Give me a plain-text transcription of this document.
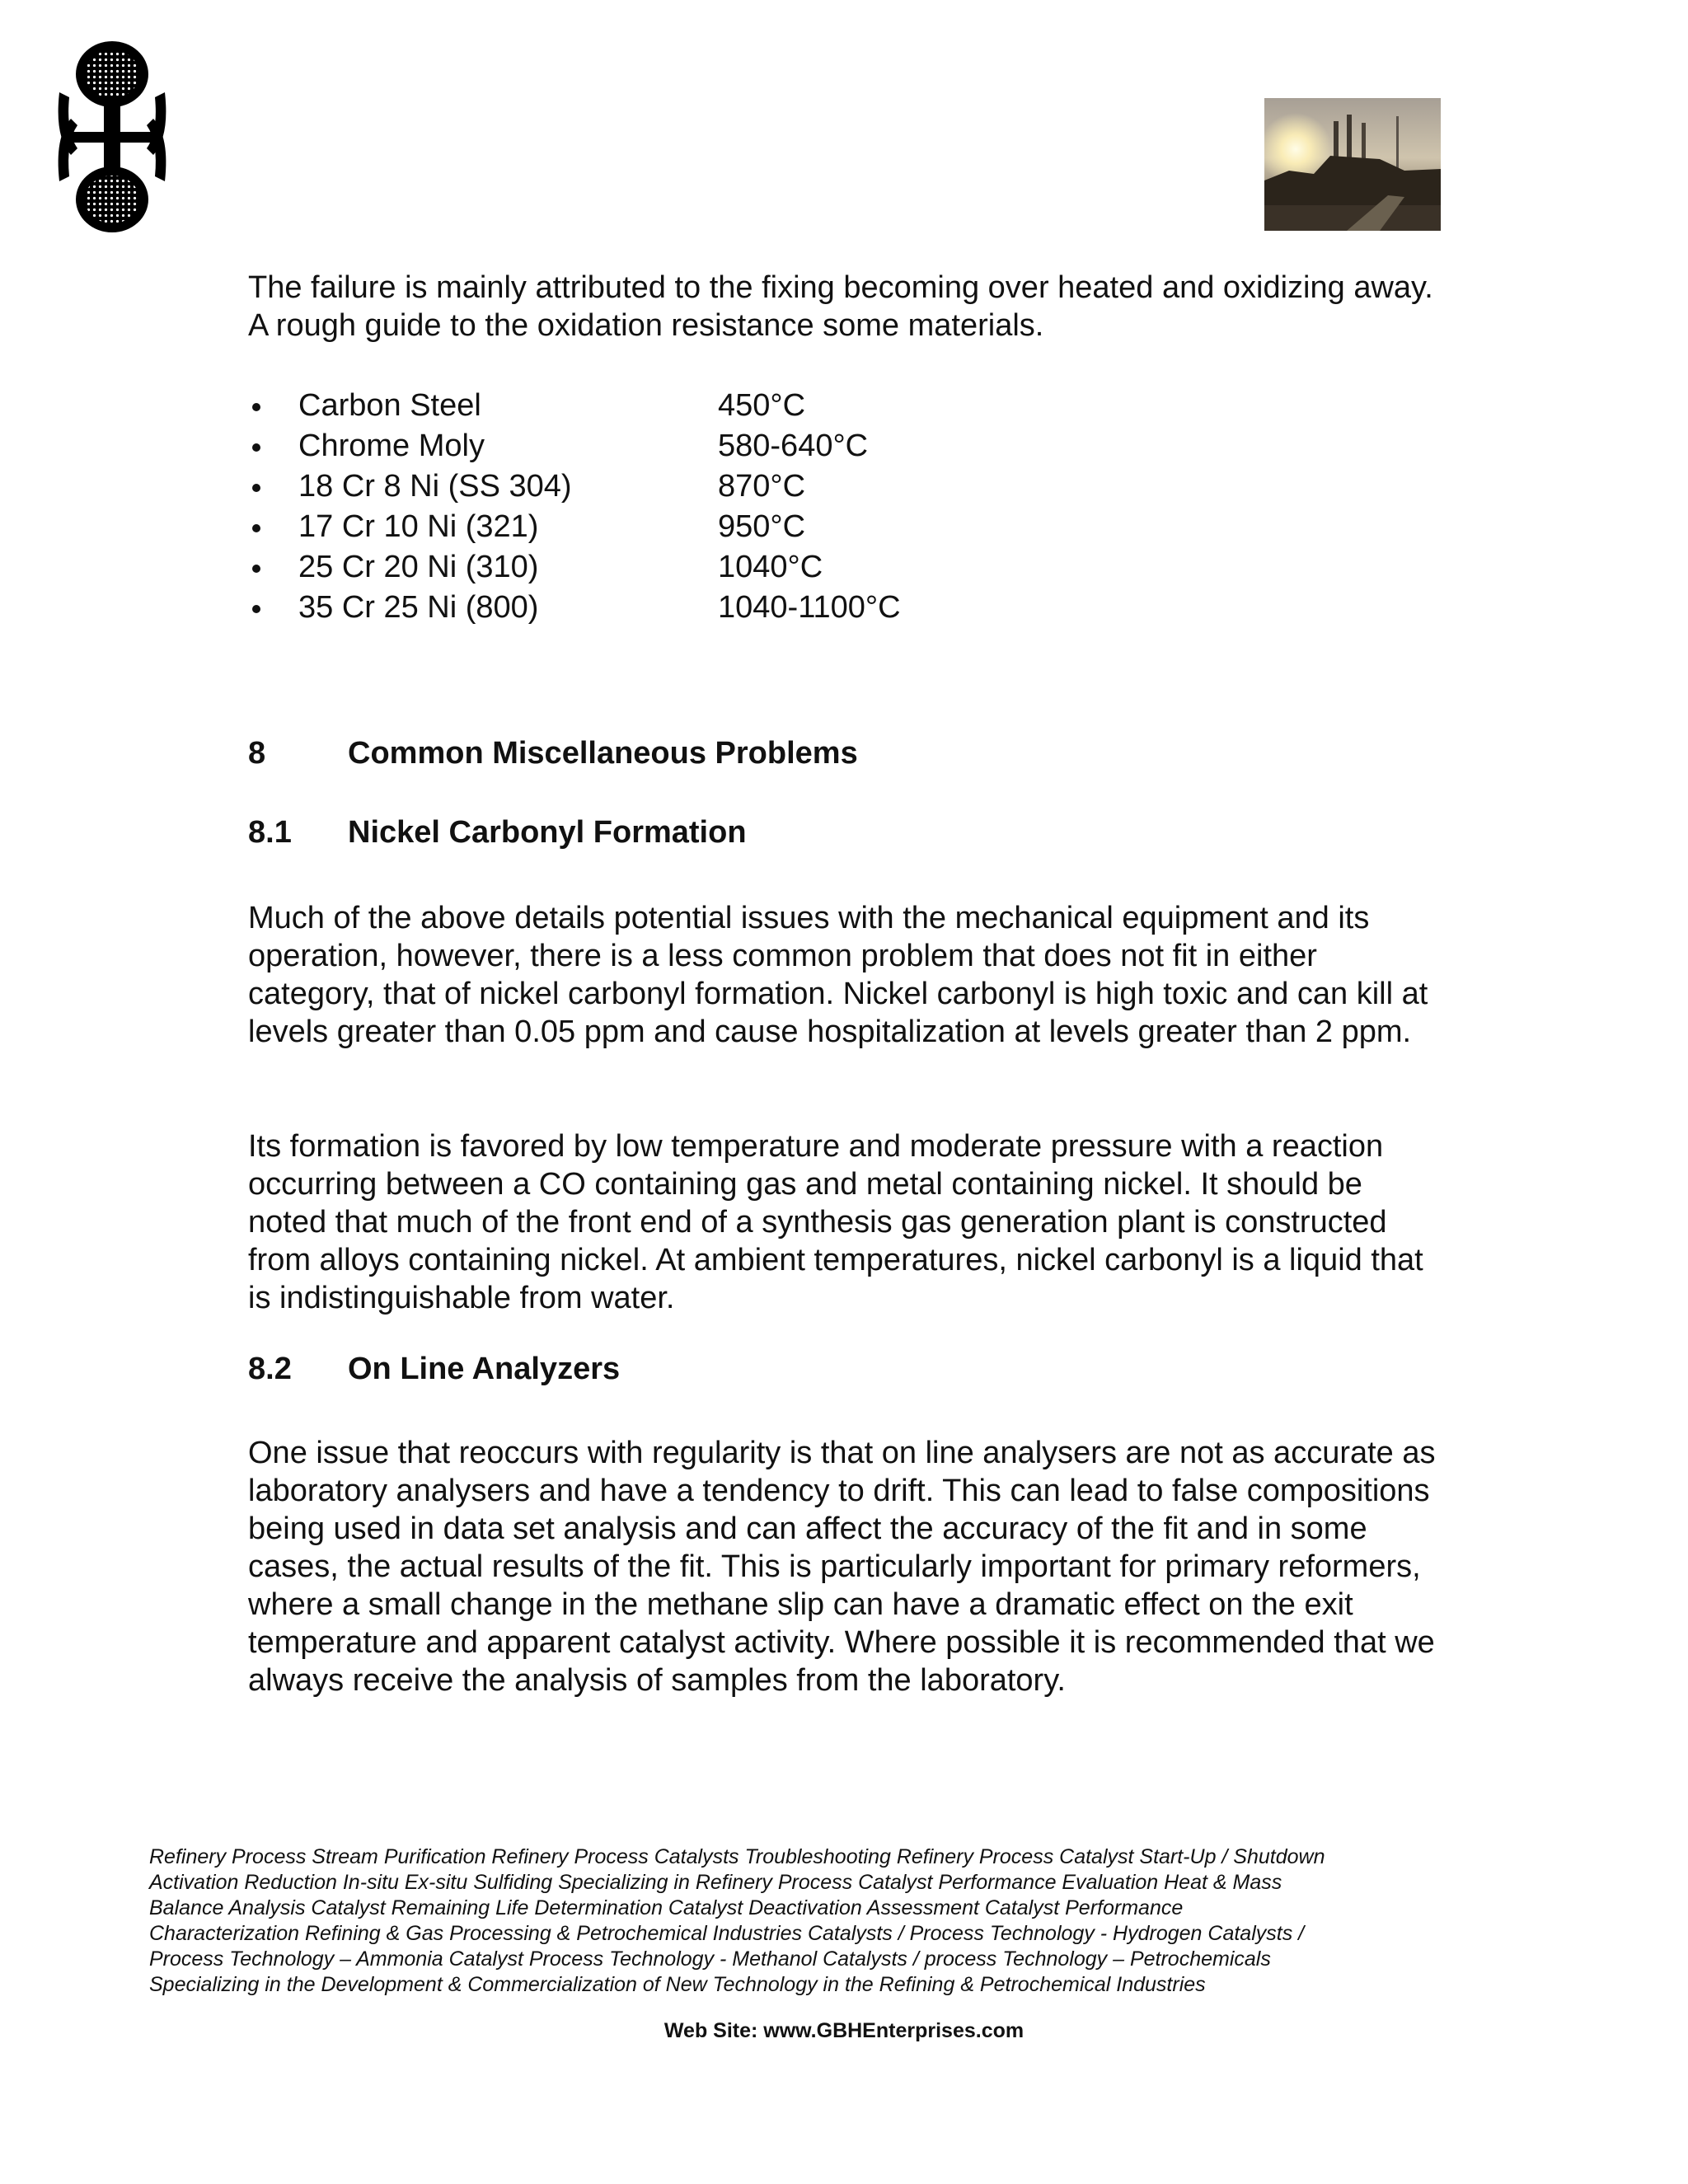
The failure is mainly attributed to the fixing becoming over heated and oxidizing away. A rough guide to the oxidation resistance some materials.

Carbon Steel	450°C
Chrome Moly	580-640°C
18 Cr 8 Ni (SS 304)	870°C
17 Cr 10 Ni (321)	950°C
25 Cr 20 Ni (310)	1040°C
35 Cr 25 Ni (800)	1040-1100°C
8	Common Miscellaneous Problems
8.1 Nickel Carbonyl Formation

Much of the above details potential issues with the mechanical equipment and its operation, however, there is a less common problem that does not fit in either category, that of nickel carbonyl formation. Nickel carbonyl is high toxic and can kill at levels greater than 0.05 ppm and cause hospitalization at levels greater than 2 ppm.

Its formation is favored by low temperature and moderate pressure with a reaction occurring between a CO containing gas and metal containing nickel. It should be noted that much of the front end of a synthesis gas generation plant is constructed from alloys containing nickel. At ambient temperatures, nickel carbonyl is a liquid that is indistinguishable from water.

8.2 On Line Analyzers

One issue that reoccurs with regularity is that on line analysers are not as accurate as laboratory analysers and have a tendency to drift. This can lead to false compositions being used in data set analysis and can affect the accuracy of the fit and in some cases, the actual results of the fit. This is particularly important for primary reformers, where a small change in the methane slip can have a dramatic effect on the exit temperature and apparent catalyst activity. Where possible it is recommended that we always receive the analysis of samples from the laboratory.

Refinery Process Stream Purification Refinery Process Catalysts Troubleshooting Refinery Process Catalyst Start-Up / Shutdown
Activation Reduction In-situ Ex-situ Sulfiding Specializing in Refinery Process Catalyst Performance Evaluation Heat & Mass
Balance Analysis Catalyst Remaining Life Determination Catalyst Deactivation Assessment Catalyst Performance
Characterization Refining & Gas Processing & Petrochemical Industries Catalysts / Process Technology - Hydrogen Catalysts /
Process Technology – Ammonia Catalyst Process Technology - Methanol Catalysts / process Technology – Petrochemicals
Specializing in the Development & Commercialization of New Technology in the Refining & Petrochemical Industries
Web Site: www.GBHEnterprises.com
